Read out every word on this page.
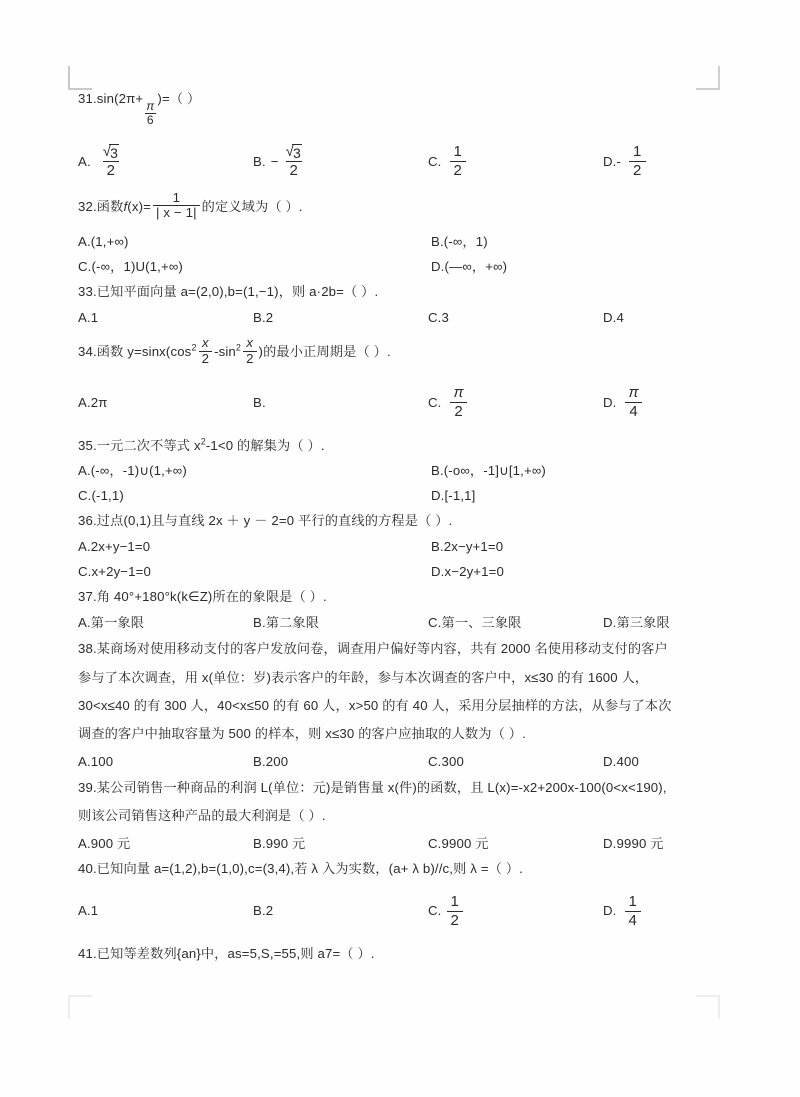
31.sin(2π+
$\frac{\pi}{6}$
)=（ ）
A. $\frac{√ 3}{2}$	B. − $\frac{√ 3}{2}$	C. $\frac{1}{2}$	$D.- \frac{1}{2}$
32.函数$f(x)= \frac{1}{| x - 1|}$ 的定义域为（ ）.
A.(1,+∞)	B.(-∞，1)
C.(-∞，1)U(1,+∞)	D.(—∞，+∞)
33.已知平面向量 a=(2,0),b=(1,−1)，则 a·2b=（ ）.
A.1	B.2	C.3	D.4
34.函数 $y=\sin x(\cos^2 \frac{x}{2} -\sin^2 \frac{x}{2}$ )的最小正周期是（ ）.
A.2π	B.	C. $\frac{\pi}{2}$	D. $\frac{\pi}{4}$
35.一元二次不等式 $x^2-1<0$ 的解集为（ ）.
A.(-∞，-1)∪(1,+∞)	B.(-o∞，-1]∪[1,+∞)
C.(-1,1)	D.[-1,1]
36.过点(0,1)且与直线 2x ＋ y － 2=0 平行的直线的方程是（ ）.
A.2x+y−1=0	B.2x−y+1=0
C.x+2y−1=0	D.x−2y+1=0
37.角 40°+180°k(k∈Z)所在的象限是（ ）.
A.第一象限	B.第二象限	C.第一、三象限	D.第三象限
38.某商场对使用移动支付的客户发放问卷，调查用户偏好等内容，共有 2000 名使用移动支付的客户
参与了本次调查，用 x(单位：岁)表示客户的年龄，参与本次调查的客户中，x≤30 的有 1600 人，
30<x≤40 的有 300 人，40<x≤50 的有 60 人，x>50 的有 40 人，采用分层抽样的方法，从参与了本次
调查的客户中抽取容量为 500 的样本，则 x≤30 的客户应抽取的人数为（ ）.
A.100	B.200	C.300	D.400
39.某公司销售一种商品的利润 L(单位：元)是销售量 x(件)的函数，且 L(x)=-x2+200x-100(0<x<190),
则该公司销售这种产品的最大利润是（ ）.
A.900 元	B.990 元	C.9900 元	D.9990 元
40.已知向量 a=(1,2),b=(1,0),c=(3,4),若 λ 入为实数，(a+ λ b)//c,则 λ =（ ）.
A.1	B.2	C. $\frac{1}{2}$	D. $\frac{1}{4}$
41.已知等差数列{an}中，as=5,S,=55,则 a7=（ ）.
